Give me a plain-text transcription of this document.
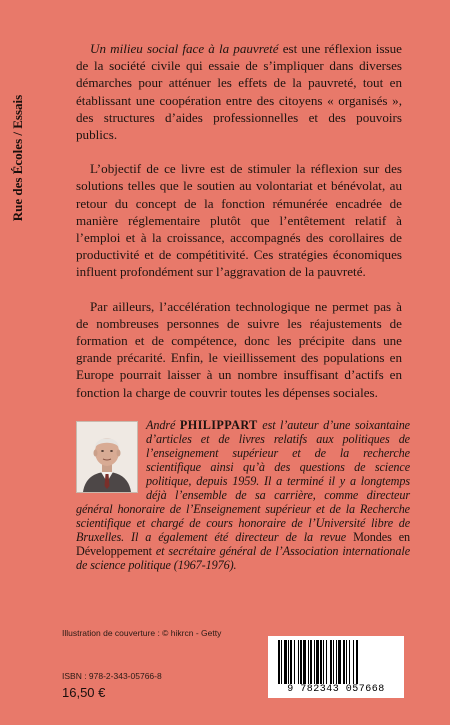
Rue des Écoles / Essais

Un milieu social face à la pauvreté est une réflexion issue de la société civile qui essaie de s’impliquer dans diverses démarches pour atténuer les effets de la pauvreté, tout en établissant une coopération entre des citoyens « organisés », des structures d’aides professionnelles et des pouvoirs publics.

L’objectif de ce livre est de stimuler la réflexion sur des solutions telles que le soutien au volontariat et bénévolat, au retour du concept de la fonction rémunérée encadrée de manière réglementaire plutôt que l’entêtement relatif à l’emploi et à la croissance, accompagnés des corollaires de productivité et de compétitivité. Ces stratégies économiques influent profondément sur l’aggravation de la pauvreté.

Par ailleurs, l’accélération technologique ne permet pas à de nombreuses personnes de suivre les réajustements de formation et de compétence, donc les précipite dans une grande précarité. Enfin, le vieillissement des populations en Europe pourrait laisser à un nombre insuffisant d’actifs en fonction la charge de couvrir toutes les dépenses sociales.

André PHILIPPART est l’auteur d’une soixantaine d’articles et de livres relatifs aux politiques de l’enseignement supérieur et de la recherche scientifique ainsi qu’à des questions de science politique, depuis 1959. Il a terminé il y a longtemps déjà l’ensemble de sa carrière, comme directeur général honoraire de l’Enseignement supérieur et de la Recherche scientifique et chargé de cours honoraire de l’Université libre de Bruxelles. Il a également été directeur de la revue Mondes en Développement et secrétaire général de l’Association internationale de science politique (1967-1976).

Illustration de couverture : © hikrcn - Getty
ISBN : 978-2-343-05766-8
16,50 €	9 782343 057668
